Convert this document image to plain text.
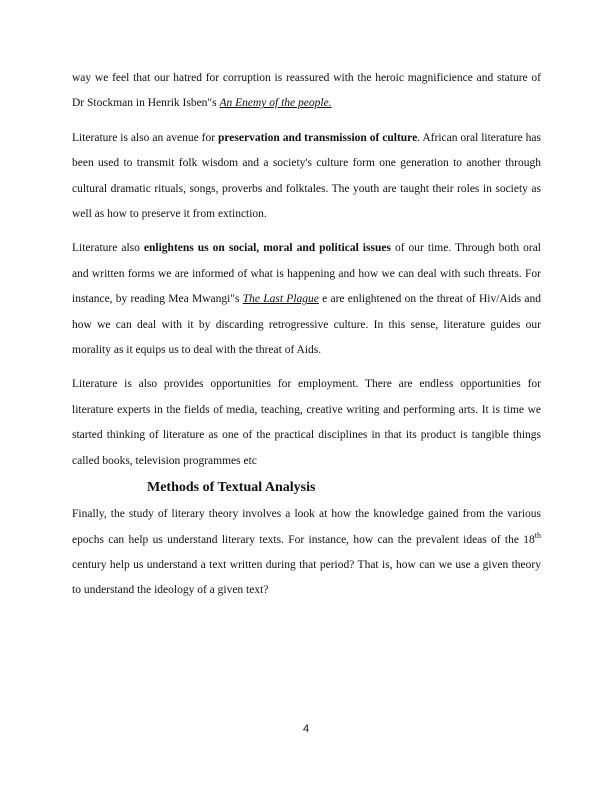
way we feel that our hatred for corruption is reassured with the heroic magnificience and stature of Dr Stockman in Henrik Isben"s An Enemy of the people.

Literature is also an avenue for preservation and transmission of culture. African oral literature has been used to transmit folk wisdom and a society's culture form one generation to another through cultural dramatic rituals, songs, proverbs and folktales. The youth are taught their roles in society as well as how to preserve it from extinction.

Literature also enlightens us on social, moral and political issues of our time. Through both oral and written forms we are informed of what is happening and how we can deal with such threats. For instance, by reading Mea Mwangi"s The Last Plague e are enlightened on the threat of Hiv/Aids and how we can deal with it by discarding retrogressive culture. In this sense, literature guides our morality as it equips us to deal with the threat of Aids.

Literature is also provides opportunities for employment. There are endless opportunities for literature experts in the fields of media, teaching, creative writing and performing arts. It is time we started thinking of literature as one of the practical disciplines in that its product is tangible things called books, television programmes etc

Methods of Textual Analysis

Finally, the study of literary theory involves a look at how the knowledge gained from the various epochs can help us understand literary texts. For instance, how can the prevalent ideas of the 18th century help us understand a text written during that period? That is, how can we use a given theory to understand the ideology of a given text?

4
